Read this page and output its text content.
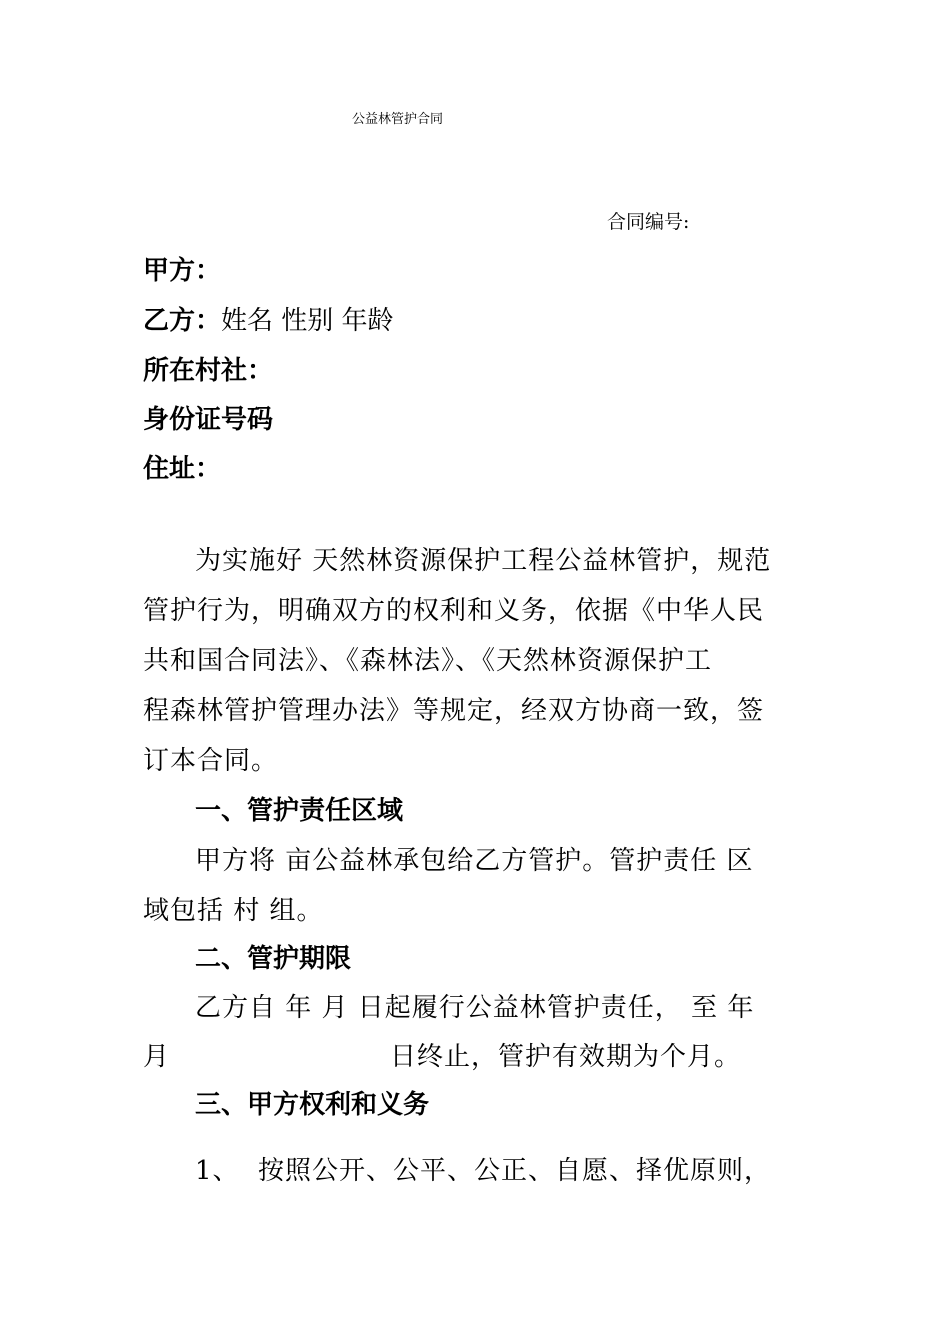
公益林管护合同
合同编号:
甲方：
乙方：姓名 性别 年龄
所在村社：
身份证号码
住址：
为实施好 天然林资源保护工程公益林管护，规范
管护行为，明确双方的权利和义务，依据《中华人民
共和国合同法》、《森林法》、《天然林资源保护工
程森林管护管理办法》等规定，经双方协商一致，签
订本合同。
一、管护责任区域
甲方将 亩公益林承包给乙方管护。管护责任 区
域包括 村 组。
二、管护期限
乙方自 年 月 日起履行公益林管护责任， 至 年
月	日终止，管护有效期为个月。
三、甲方权利和义务
1、 按照公开、公平、公正、自愿、择优原则，
